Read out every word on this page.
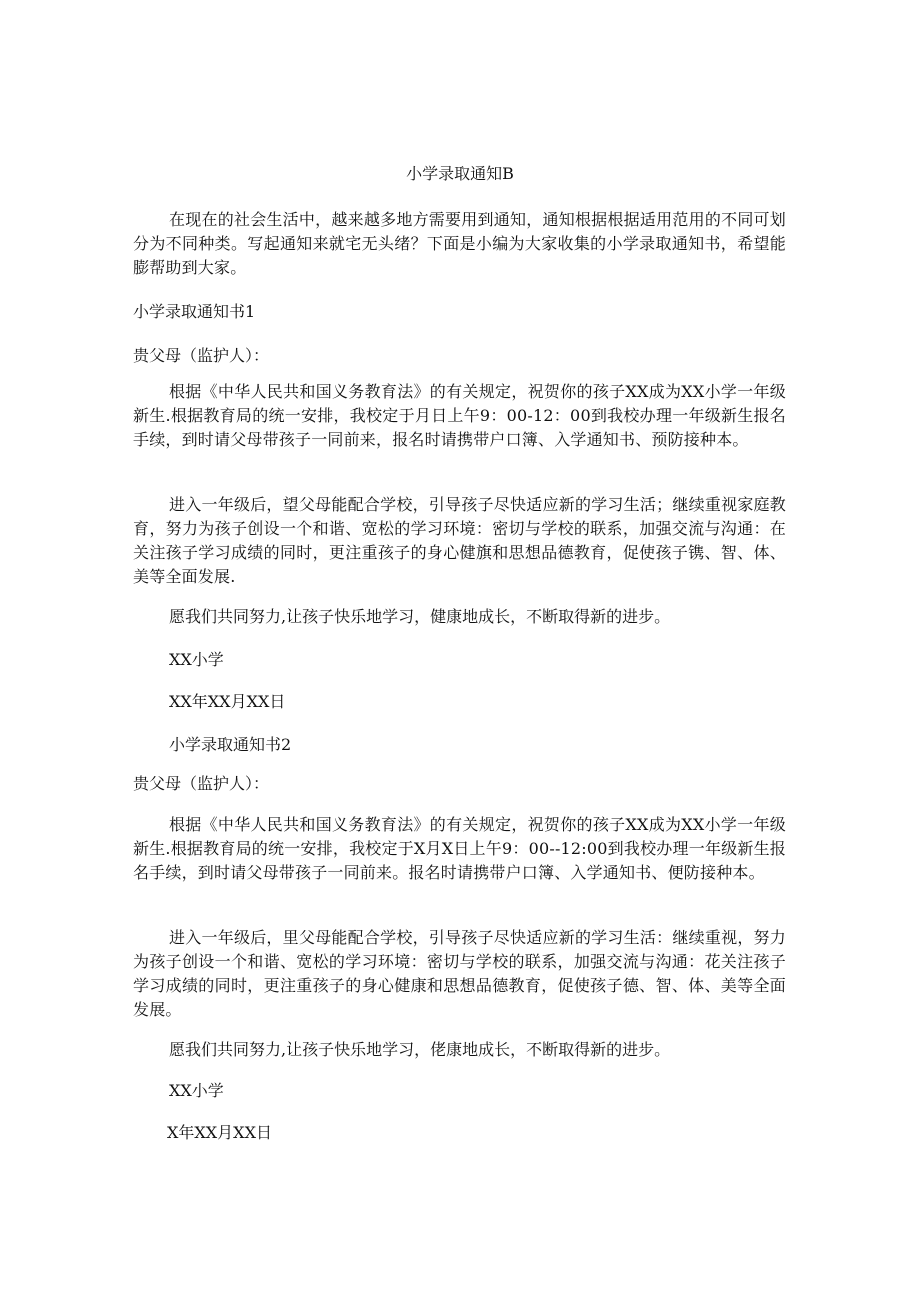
小学录取通知B
在现在的社会生活中，越来越多地方需要用到通知，通知根据根据适用范用的不同可划分为不同种类。写起通知来就宅无头绪？下面是小编为大家收集的小学录取通知书，希望能膨帮助到大家。
小学录取通知书1
贵父母（监护人）：
根据《中华人民共和国义务教育法》的有关规定，祝贺你的孩子XX成为XX小学一年级新生.根据教育局的统一安排，我校定于月日上午9：00-12：00到我校办理一年级新生报名手续，到时请父母带孩子一同前来，报名时请携带户口簿、入学通知书、预防接种本。
进入一年级后，望父母能配合学校，引导孩子尽快适应新的学习生活；继续重视家庭教育，努力为孩子创设一个和谐、宽松的学习环境：密切与学校的联系，加强交流与沟通：在关注孩子学习成绩的同时，更注重孩子的身心健旗和思想品德教育，促使孩子镌、智、体、美等全面发展.
愿我们共同努力,让孩子快乐地学习，健康地成长，不断取得新的进步。
XX小学
XX年XX月XX日
小学录取通知书2
贵父母（监护人）：
根据《中华人民共和国义务教育法》的有关规定，祝贺你的孩子XX成为XX小学一年级新生.根据教育局的统一安排，我校定于X月X日上午9：00--12:00到我校办理一年级新生报名手续，到时请父母带孩子一同前来。报名时请携带户口簿、入学通知书、便防接种本。
进入一年级后，里父母能配合学校，引导孩子尽快适应新的学习生活：继续重视，努力为孩子创设一个和谐、宽松的学习环境：密切与学校的联系，加强交流与沟通：花关注孩子学习成绩的同时，更注重孩子的身心健康和思想品德教育，促使孩子德、智、体、美等全面发展。
愿我们共同努力,让孩子快乐地学习，佬康地成长，不断取得新的进步。
XX小学
X年XX月XX日
